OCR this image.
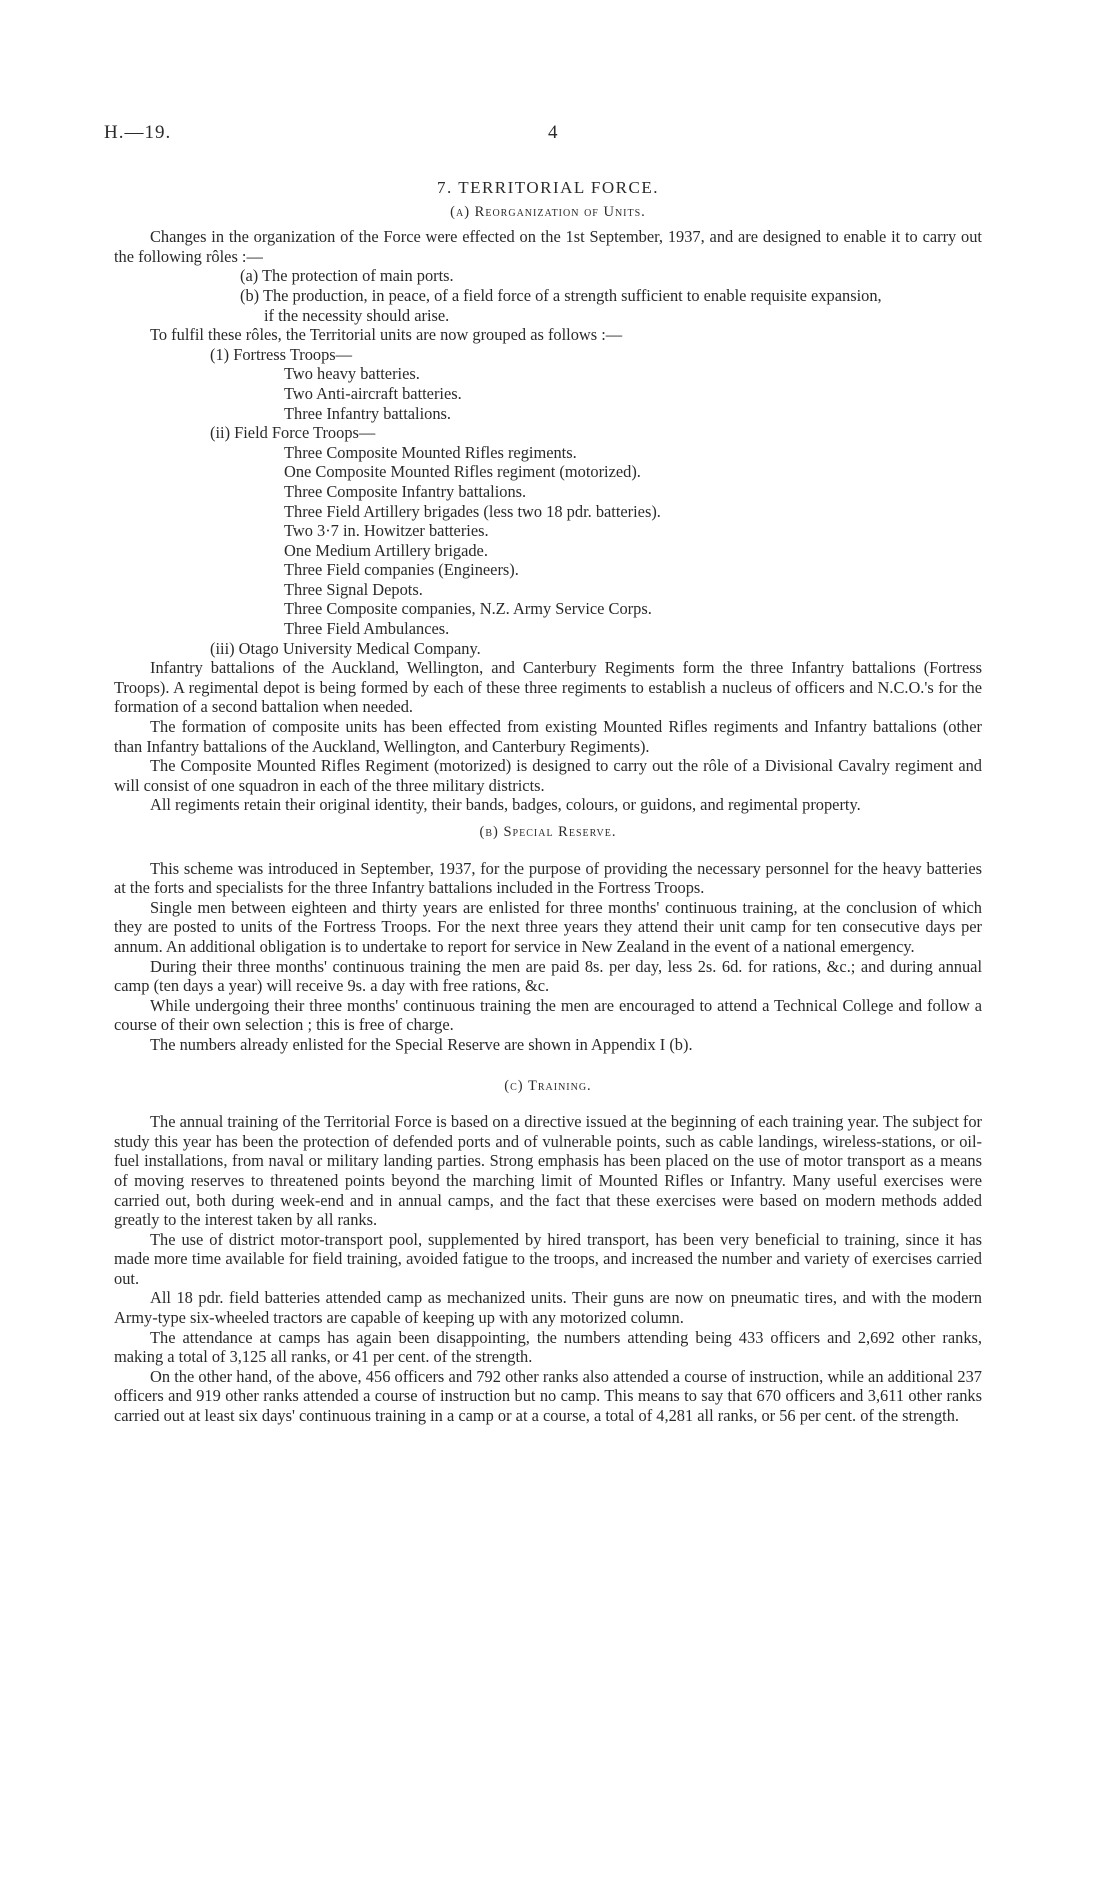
H.—19.	4
7. TERRITORIAL FORCE.
(a) Reorganization of Units.

Changes in the organization of the Force were effected on the 1st September, 1937, and are designed to enable it to carry out the following rôles :—

(a) The protection of main ports.

(b) The production, in peace, of a field force of a strength sufficient to enable requisite expansion,

if the necessity should arise.

To fulfil these rôles, the Territorial units are now grouped as follows :—

(1) Fortress Troops—

Two heavy batteries.

Two Anti-aircraft batteries.

Three Infantry battalions.

(ii) Field Force Troops—

Three Composite Mounted Rifles regiments.

One Composite Mounted Rifles regiment (motorized).

Three Composite Infantry battalions.

Three Field Artillery brigades (less two 18 pdr. batteries).

Two 3·7 in. Howitzer batteries.

One Medium Artillery brigade.

Three Field companies (Engineers).

Three Signal Depots.

Three Composite companies, N.Z. Army Service Corps.

Three Field Ambulances.

(iii) Otago University Medical Company.

Infantry battalions of the Auckland, Wellington, and Canterbury Regiments form the three Infantry battalions (Fortress Troops). A regimental depot is being formed by each of these three regiments to establish a nucleus of officers and N.C.O.'s for the formation of a second battalion when needed.

The formation of composite units has been effected from existing Mounted Rifles regiments and Infantry battalions (other than Infantry battalions of the Auckland, Wellington, and Canterbury Regiments).

The Composite Mounted Rifles Regiment (motorized) is designed to carry out the rôle of a Divisional Cavalry regiment and will consist of one squadron in each of the three military districts.

All regiments retain their original identity, their bands, badges, colours, or guidons, and regimental property.

(b) Special Reserve.

This scheme was introduced in September, 1937, for the purpose of providing the necessary personnel for the heavy batteries at the forts and specialists for the three Infantry battalions included in the Fortress Troops.

Single men between eighteen and thirty years are enlisted for three months' continuous training, at the conclusion of which they are posted to units of the Fortress Troops. For the next three years they attend their unit camp for ten consecutive days per annum. An additional obligation is to undertake to report for service in New Zealand in the event of a national emergency.

During their three months' continuous training the men are paid 8s. per day, less 2s. 6d. for rations, &c.; and during annual camp (ten days a year) will receive 9s. a day with free rations, &c.

While undergoing their three months' continuous training the men are encouraged to attend a Technical College and follow a course of their own selection ; this is free of charge.

The numbers already enlisted for the Special Reserve are shown in Appendix I (b).

(c) Training.

The annual training of the Territorial Force is based on a directive issued at the beginning of each training year. The subject for study this year has been the protection of defended ports and of vulnerable points, such as cable landings, wireless-stations, or oil-fuel installations, from naval or military landing parties. Strong emphasis has been placed on the use of motor transport as a means of moving reserves to threatened points beyond the marching limit of Mounted Rifles or Infantry. Many useful exercises were carried out, both during week-end and in annual camps, and the fact that these exercises were based on modern methods added greatly to the interest taken by all ranks.

The use of district motor-transport pool, supplemented by hired transport, has been very beneficial to training, since it has made more time available for field training, avoided fatigue to the troops, and increased the number and variety of exercises carried out.

All 18 pdr. field batteries attended camp as mechanized units. Their guns are now on pneumatic tires, and with the modern Army-type six-wheeled tractors are capable of keeping up with any motorized column.

The attendance at camps has again been disappointing, the numbers attending being 433 officers and 2,692 other ranks, making a total of 3,125 all ranks, or 41 per cent. of the strength.

On the other hand, of the above, 456 officers and 792 other ranks also attended a course of instruction, while an additional 237 officers and 919 other ranks attended a course of instruction but no camp. This means to say that 670 officers and 3,611 other ranks carried out at least six days' continuous training in a camp or at a course, a total of 4,281 all ranks, or 56 per cent. of the strength.
